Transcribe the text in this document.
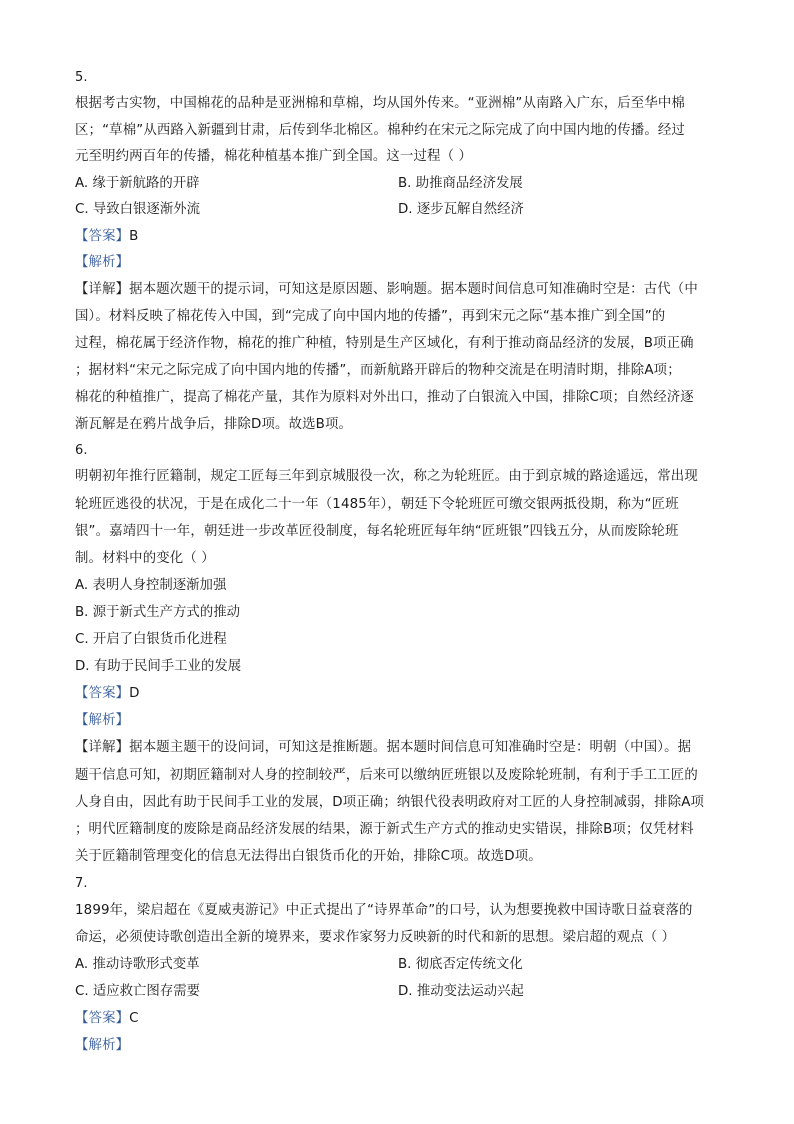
5.
根据考古实物，中国棉花的品种是亚洲棉和草棉，均从国外传来。“亚洲棉”从南路入广东，后至华中棉
区；“草棉”从西路入新疆到甘肃，后传到华北棉区。棉种约在宋元之际完成了向中国内地的传播。经过
元至明约两百年的传播，棉花种植基本推广到全国。这一过程（ ）
A. 缘于新航路的开辟	B. 助推商品经济发展
C. 导致白银逐渐外流	D. 逐步瓦解自然经济
【答案】B
【解析】
【详解】据本题次题干的提示词，可知这是原因题、影响题。据本题时间信息可知准确时空是：古代（中
国）。材料反映了棉花传入中国，到“完成了向中国内地的传播”，再到宋元之际“基本推广到全国”的
过程，棉花属于经济作物，棉花的推广种植，特别是生产区域化，有利于推动商品经济的发展，B项正确
；据材料“宋元之际完成了向中国内地的传播”，而新航路开辟后的物种交流是在明清时期，排除A项；
棉花的种植推广，提高了棉花产量，其作为原料对外出口，推动了白银流入中国，排除C项；自然经济逐
渐瓦解是在鸦片战争后，排除D项。故选B项。
6.
明朝初年推行匠籍制，规定工匠每三年到京城服役一次，称之为轮班匠。由于到京城的路途遥远，常出现
轮班匠逃役的状况，于是在成化二十一年（1485年），朝廷下令轮班匠可缴交银两抵役期，称为“匠班
银”。嘉靖四十一年，朝廷进一步改革匠役制度，每名轮班匠每年纳“匠班银”四钱五分，从而废除轮班
制。材料中的变化（ ）
A. 表明人身控制逐渐加强
B. 源于新式生产方式的推动
C. 开启了白银货币化进程
D. 有助于民间手工业的发展
【答案】D
【解析】
【详解】据本题主题干的设问词，可知这是推断题。据本题时间信息可知准确时空是：明朝（中国）。据
题干信息可知，初期匠籍制对人身的控制较严，后来可以缴纳匠班银以及废除轮班制，有利于手工工匠的
人身自由，因此有助于民间手工业的发展，D项正确；纳银代役表明政府对工匠的人身控制减弱，排除A项
；明代匠籍制度的废除是商品经济发展的结果，源于新式生产方式的推动史实错误，排除B项；仅凭材料
关于匠籍制管理变化的信息无法得出白银货币化的开始，排除C项。故选D项。
7.
1899年，梁启超在《夏威夷游记》中正式提出了“诗界革命”的口号，认为想要挽救中国诗歌日益衰落的
命运，必须使诗歌创造出全新的境界来，要求作家努力反映新的时代和新的思想。梁启超的观点（ ）
A. 推动诗歌形式变革	B. 彻底否定传统文化
C. 适应救亡图存需要	D. 推动变法运动兴起
【答案】C
【解析】
